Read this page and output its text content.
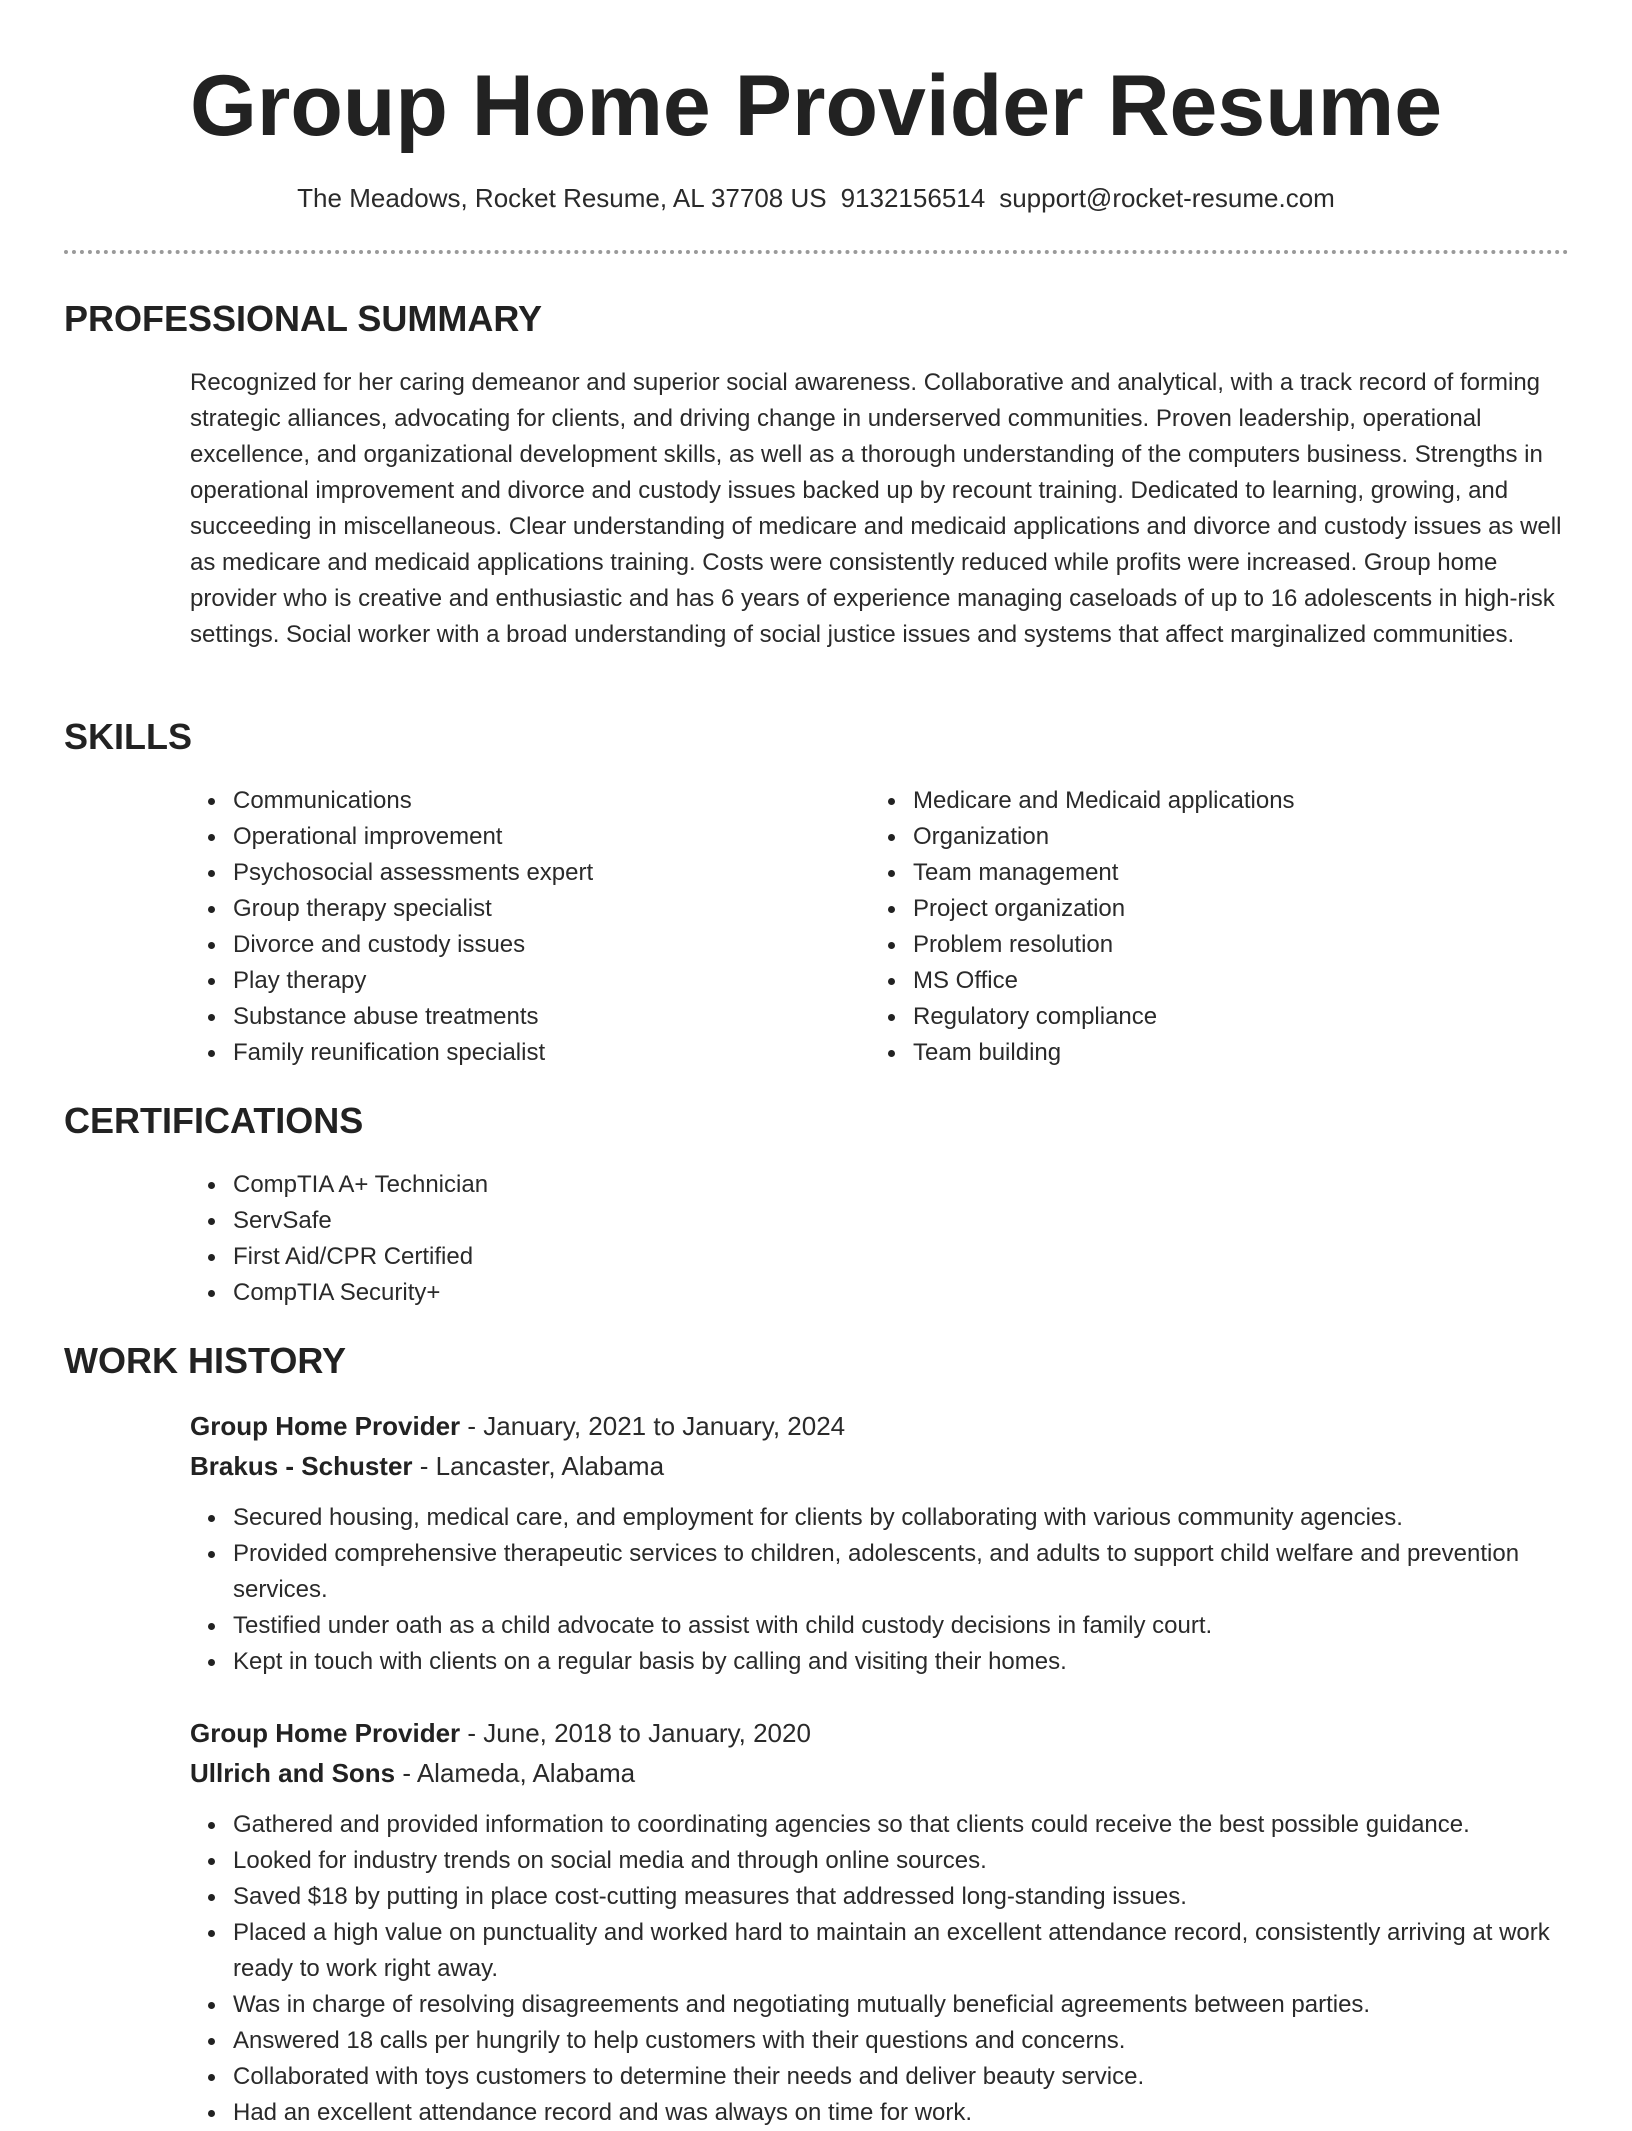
Group Home Provider Resume
The Meadows, Rocket Resume, AL 37708 US 9132156514 support@rocket-resume.com
PROFESSIONAL SUMMARY

Recognized for her caring demeanor and superior social awareness. Collaborative and analytical, with a track record of forming strategic alliances, advocating for clients, and driving change in underserved communities. Proven leadership, operational excellence, and organizational development skills, as well as a thorough understanding of the computers business. Strengths in operational improvement and divorce and custody issues backed up by recount training. Dedicated to learning, growing, and succeeding in miscellaneous. Clear understanding of medicare and medicaid applications and divorce and custody issues as well as medicare and medicaid applications training. Costs were consistently reduced while profits were increased. Group home provider who is creative and enthusiastic and has 6 years of experience managing caseloads of up to 16 adolescents in high-risk settings. Social worker with a broad understanding of social justice issues and systems that affect marginalized communities.

SKILLS
Communications
Operational improvement
Psychosocial assessments expert
Group therapy specialist
Divorce and custody issues
Play therapy
Substance abuse treatments
Family reunification specialist
Medicare and Medicaid applications
Organization
Team management
Project organization
Problem resolution
MS Office
Regulatory compliance
Team building
CERTIFICATIONS
CompTIA A+ Technician
ServSafe
First Aid/CPR Certified
CompTIA Security+
WORK HISTORY
Group Home Provider - January, 2021 to January, 2024
Brakus - Schuster - Lancaster, Alabama
Secured housing, medical care, and employment for clients by collaborating with various community agencies.
Provided comprehensive therapeutic services to children, adolescents, and adults to support child welfare and prevention services.
Testified under oath as a child advocate to assist with child custody decisions in family court.
Kept in touch with clients on a regular basis by calling and visiting their homes.
Group Home Provider - June, 2018 to January, 2020
Ullrich and Sons - Alameda, Alabama
Gathered and provided information to coordinating agencies so that clients could receive the best possible guidance.
Looked for industry trends on social media and through online sources.
Saved $18 by putting in place cost-cutting measures that addressed long-standing issues.
Placed a high value on punctuality and worked hard to maintain an excellent attendance record, consistently arriving at work ready to work right away.
Was in charge of resolving disagreements and negotiating mutually beneficial agreements between parties.
Answered 18 calls per hungrily to help customers with their questions and concerns.
Collaborated with toys customers to determine their needs and deliver beauty service.
Had an excellent attendance record and was always on time for work.
